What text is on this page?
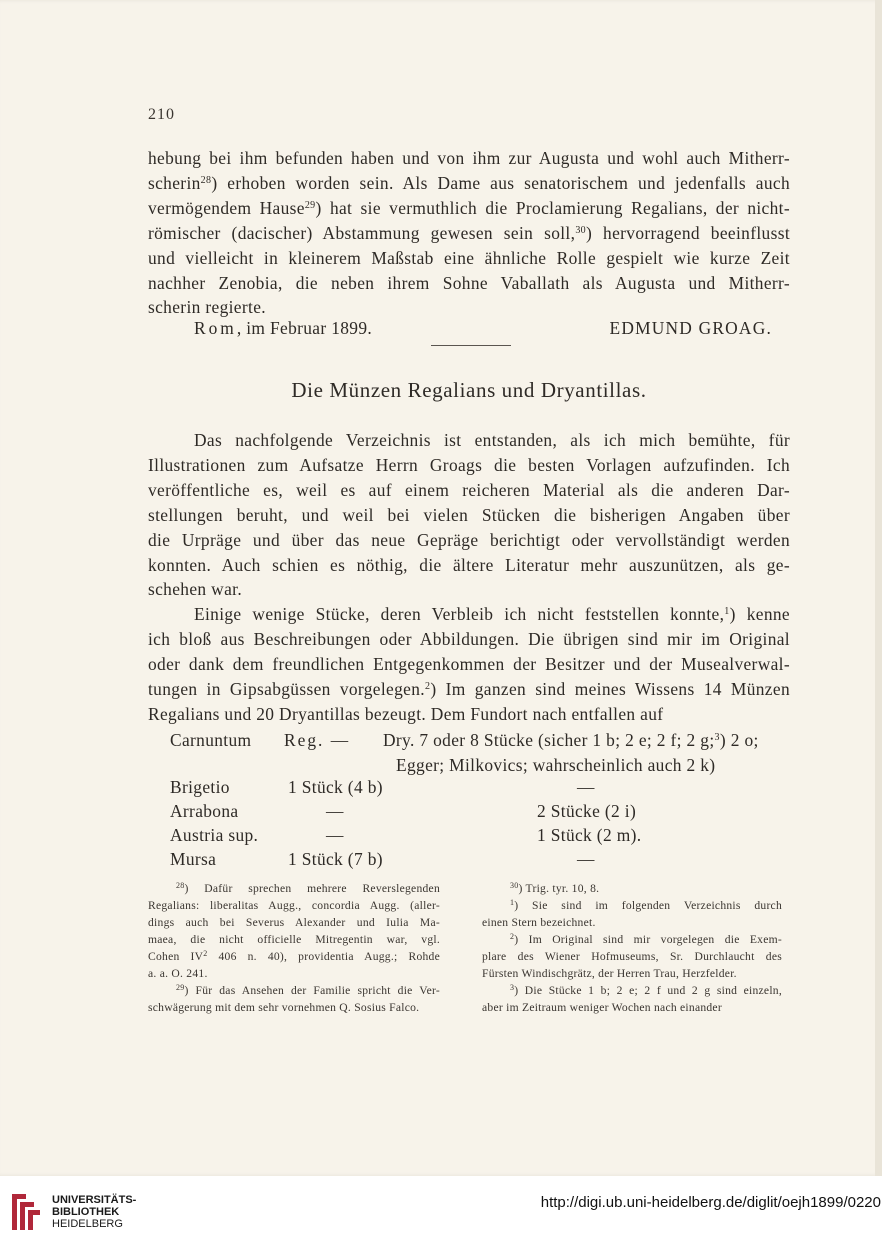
210
hebung bei ihm befunden haben und von ihm zur Augusta und wohl auch Mitherr-
scherin$^{28}$) erhoben worden sein. Als Dame aus senatorischem und jedenfalls auch
vermögendem Hause$^{29}$) hat sie vermuthlich die Proclamierung Regalians, der nicht-
römischer (dacischer) Abstammung gewesen sein soll,$^{30}$) hervorragend beeinflusst
und vielleicht in kleinerem Maßstab eine ähnliche Rolle gespielt wie kurze Zeit
nachher Zenobia, die neben ihrem Sohne Vaballath als Augusta und Mitherr-
scherin regierte.
Rom, im Februar 1899.	EDMUND GROAG.
Die Münzen Regalians und Dryantillas.
Das nachfolgende Verzeichnis ist entstanden, als ich mich bemühte, für
Illustrationen zum Aufsatze Herrn Groags die besten Vorlagen aufzufinden. Ich
veröffentliche es, weil es auf einem reicheren Material als die anderen Dar-
stellungen beruht, und weil bei vielen Stücken die bisherigen Angaben über
die Urpräge und über das neue Gepräge berichtigt oder vervollständigt werden
konnten. Auch schien es nöthig, die ältere Literatur mehr auszunützen, als ge-
schehen war.
Einige wenige Stücke, deren Verbleib ich nicht feststellen konnte,$^1$) kenne
ich bloß aus Beschreibungen oder Abbildungen. Die übrigen sind mir im Original
oder dank dem freundlichen Entgegenkommen der Besitzer und der Musealverwal-
tungen in Gipsabgüssen vorgelegen.$^2$) Im ganzen sind meines Wissens 14 Münzen
Regalians und 20 Dryantillas bezeugt. Dem Fundort nach entfallen auf
Carnuntum Reg. — Dry. 7 oder 8 Stücke (sicher 1 b; 2 e; 2 f; 2 g;$^3$) 2 o;
Egger; Milkovics; wahrscheinlich auch 2 k)
Brigetio	1 Stück (4 b)	—
Arrabona	—	2 Stücke (2 i)
Austria sup.	—	1 Stück (2 m).
Mursa	1 Stück (7 b)	—
$^{28}$) Dafür sprechen mehrere Reverslegenden
Regalians: liberalitas Augg., concordia Augg. (aller-
dings auch bei Severus Alexander und Iulia Ma-
maea, die nicht officielle Mitregentin war, vgl.
Cohen $IV^2$ 406 n. 40), providentia Augg.; Rohde
a. a. O. 241.
$^{29}$) Für das Ansehen der Familie spricht die Ver-
schwägerung mit dem sehr vornehmen Q. Sosius Falco.
$^{30}$) Trig. tyr. 10, 8.
$^1$) Sie sind im folgenden Verzeichnis durch
einen Stern bezeichnet.
$^2$) Im Original sind mir vorgelegen die Exem-
plare des Wiener Hofmuseums, Sr. Durchlaucht des
Fürsten Windischgrätz, der Herren Trau, Herzfelder.
$^3$) Die Stücke 1 b; 2 e; 2 f und 2 g sind einzeln,
aber im Zeitraum weniger Wochen nach einander
UNIVERSITÄTS-
BIBLIOTHEK
HEIDELBERG
http://digi.ub.uni-heidelberg.de/diglit/oejh1899/0220
